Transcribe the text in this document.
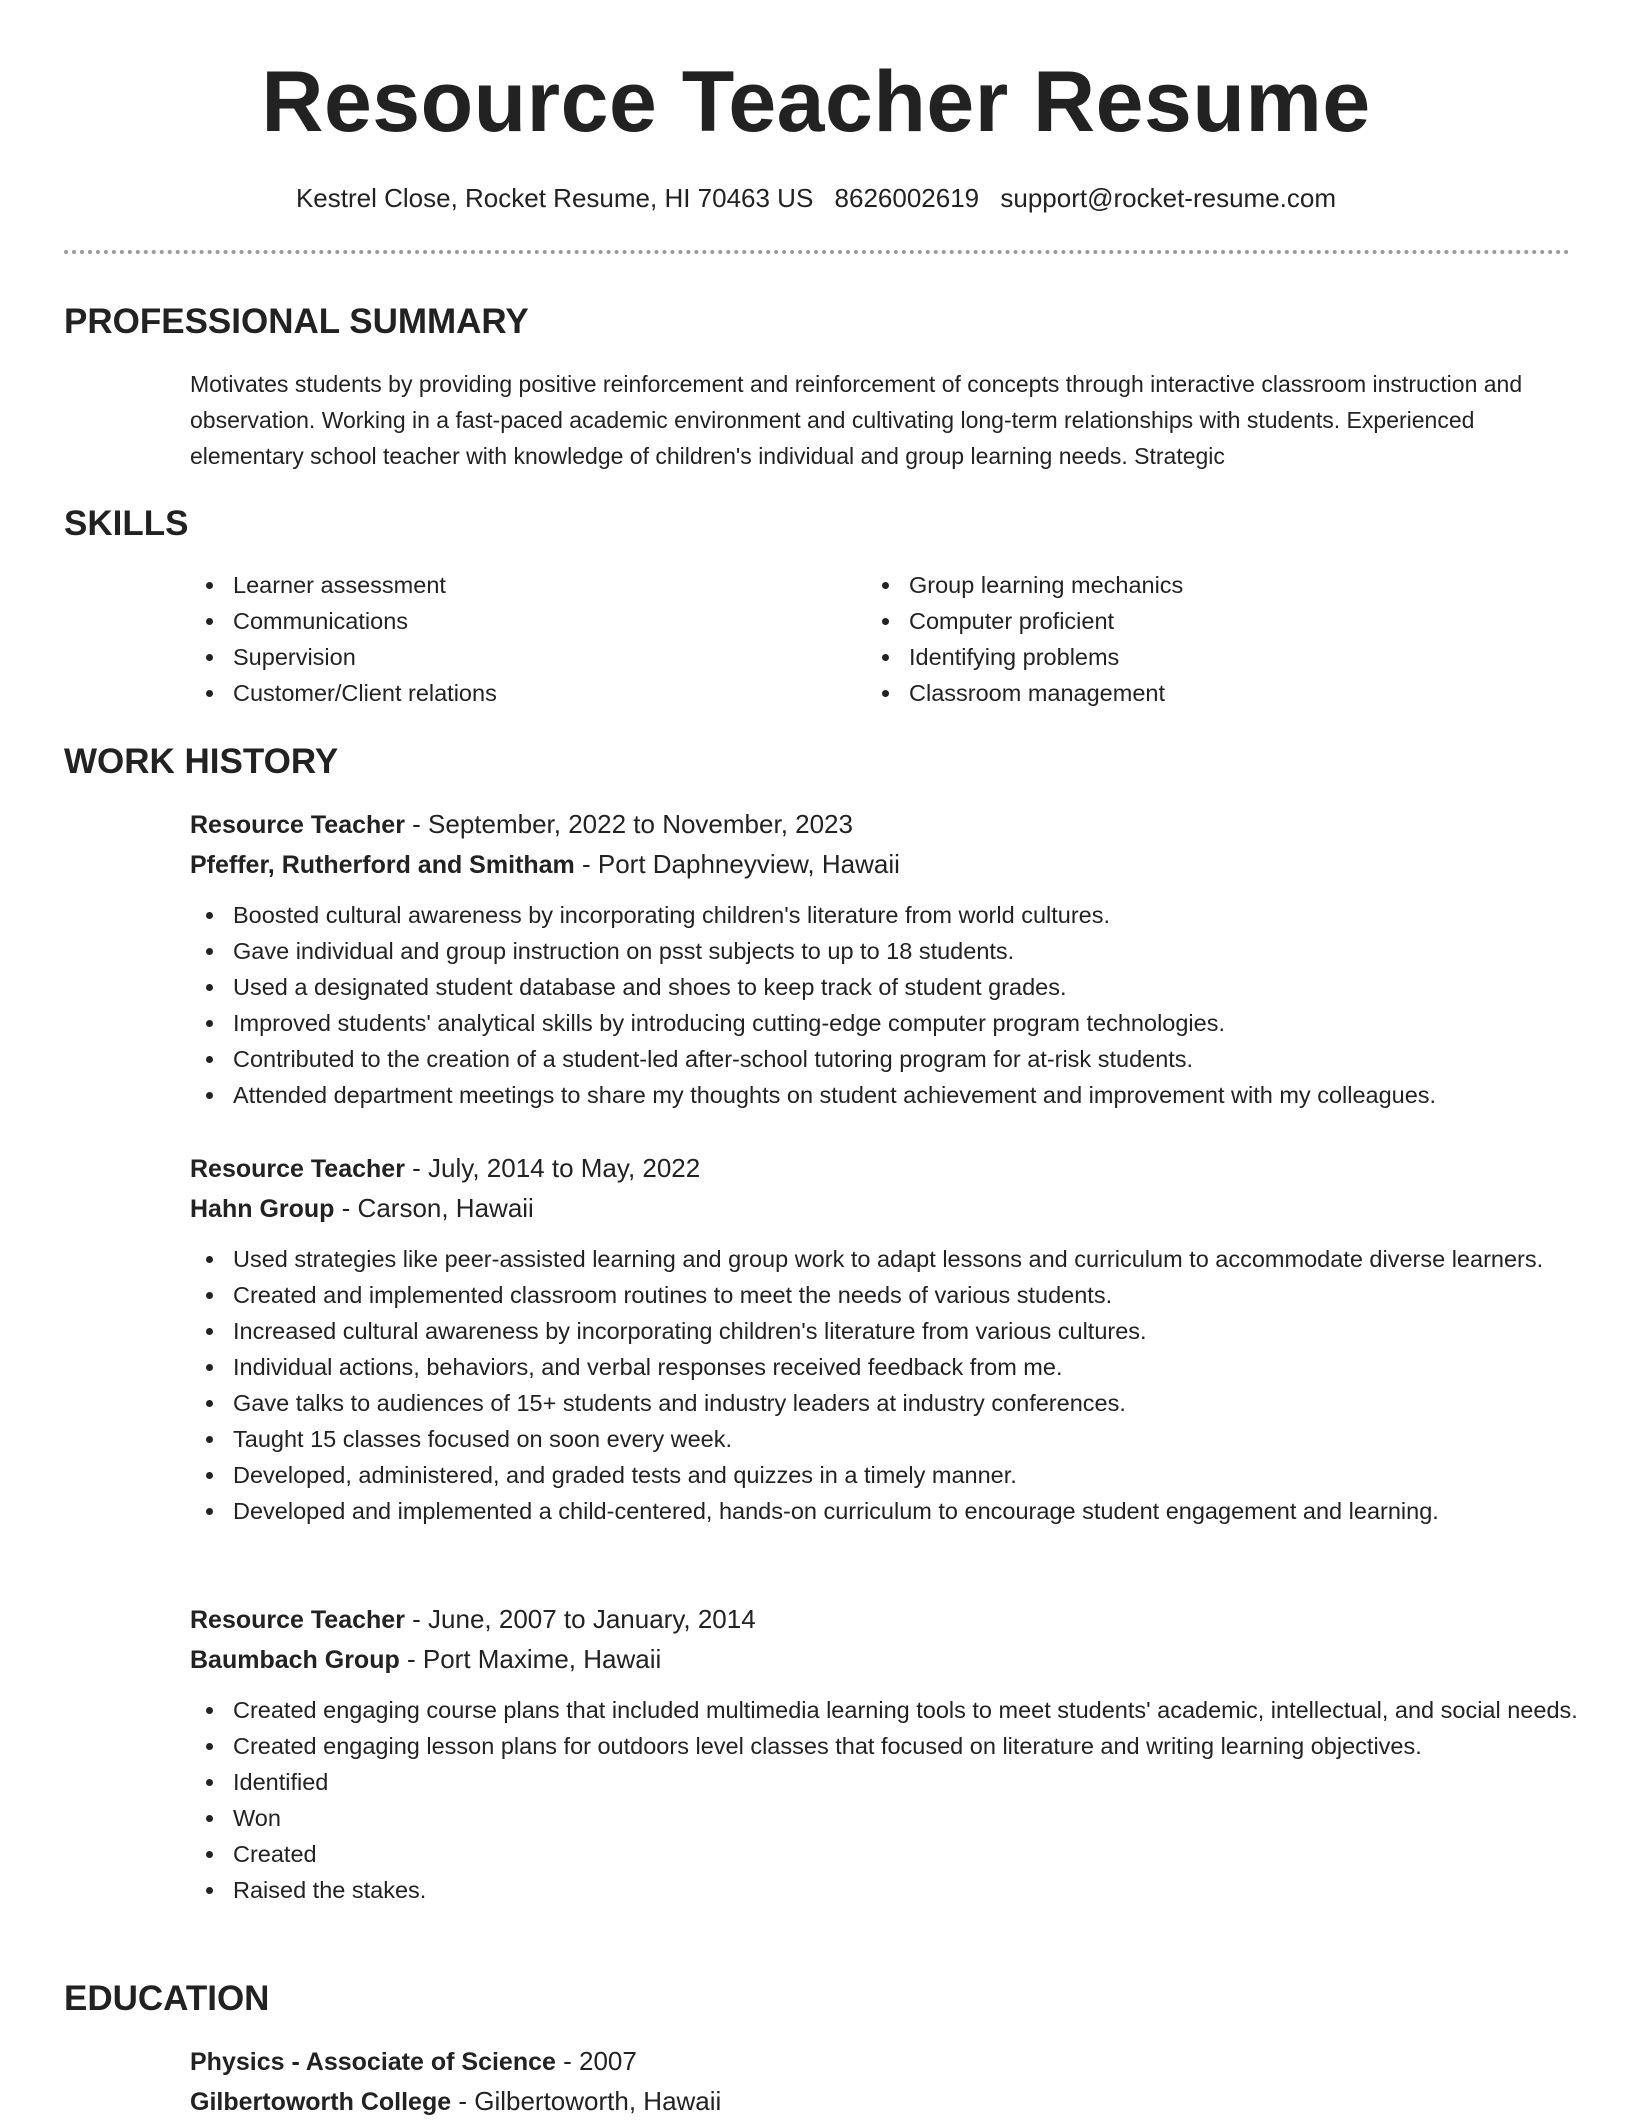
Resource Teacher Resume
Kestrel Close, Rocket Resume, HI 70463 US 8626002619 support@rocket-resume.com
PROFESSIONAL SUMMARY

Motivates students by providing positive reinforcement and reinforcement of concepts through interactive classroom instruction and observation. Working in a fast-paced academic environment and cultivating long-term relationships with students. Experienced elementary school teacher with knowledge of children's individual and group learning needs. Strategic

SKILLS
Learner assessment
Communications
Supervision
Customer/Client relations
Group learning mechanics
Computer proficient
Identifying problems
Classroom management
WORK HISTORY
Resource Teacher - September, 2022 to November, 2023
Pfeffer, Rutherford and Smitham - Port Daphneyview, Hawaii
Boosted cultural awareness by incorporating children's literature from world cultures.
Gave individual and group instruction on psst subjects to up to 18 students.
Used a designated student database and shoes to keep track of student grades.
Improved students' analytical skills by introducing cutting-edge computer program technologies.
Contributed to the creation of a student-led after-school tutoring program for at-risk students.
Attended department meetings to share my thoughts on student achievement and improvement with my colleagues.
Resource Teacher - July, 2014 to May, 2022
Hahn Group - Carson, Hawaii
Used strategies like peer-assisted learning and group work to adapt lessons and curriculum to accommodate diverse learners.
Created and implemented classroom routines to meet the needs of various students.
Increased cultural awareness by incorporating children's literature from various cultures.
Individual actions, behaviors, and verbal responses received feedback from me.
Gave talks to audiences of 15+ students and industry leaders at industry conferences.
Taught 15 classes focused on soon every week.
Developed, administered, and graded tests and quizzes in a timely manner.
Developed and implemented a child-centered, hands-on curriculum to encourage student engagement and learning.
Resource Teacher - June, 2007 to January, 2014
Baumbach Group - Port Maxime, Hawaii
Created engaging course plans that included multimedia learning tools to meet students' academic, intellectual, and social needs.
Created engaging lesson plans for outdoors level classes that focused on literature and writing learning objectives.
Identified
Won
Created
Raised the stakes.
EDUCATION
Physics - Associate of Science - 2007
Gilbertoworth College - Gilbertoworth, Hawaii
